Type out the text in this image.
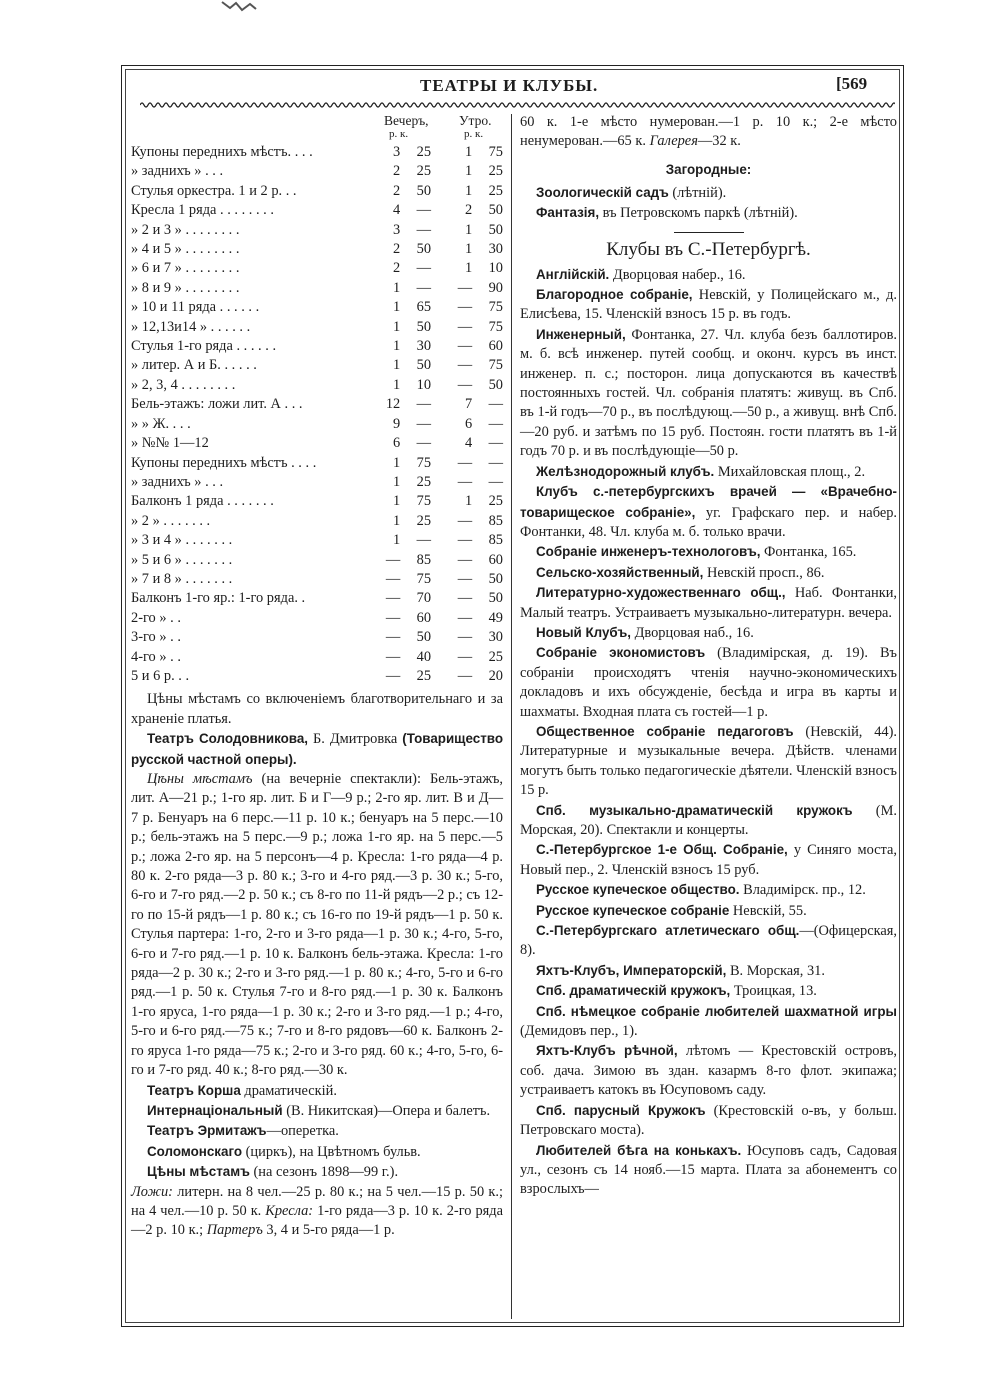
ТЕАТРЫ И КЛУБЫ.	[569
Вечеръ, Утро.
р. к.	р. к.
Купоны переднихъ мѣстъ. . . .	3	25		1	75
» заднихъ » . . .	2	25		1	25
Стулья оркестра. 1 и 2 р. . .	2	50		1	25
Кресла 1 ряда . . . . . . . .	4	—		2	50
» 2 и 3 » . . . . . . . .	3	—		1	50
» 4 и 5 » . . . . . . . .	2	50		1	30
» 6 и 7 » . . . . . . . .	2	—		1	10
» 8 и 9 » . . . . . . . .	1	—		—	90
» 10 и 11 ряда . . . . . .	1	65		—	75
» 12,13и14 » . . . . . .	1	50		—	75
Стулья 1-го ряда . . . . . .	1	30		—	60
» литер. А и Б. . . . . .	1	50		—	75
» 2, 3, 4 . . . . . . . .	1	10		—	50
Бель-этажъ: ложи лит. А . . .	12	—		7	—
» » Ж. . . .	9	—		6	—
» №№ 1—12	6	—		4	—
Купоны переднихъ мѣстъ . . . .	1	75		—	—
» заднихъ » . . .	1	25		—	—
Балконъ 1 ряда . . . . . . .	1	75		1	25
» 2 » . . . . . . .	1	25		—	85
» 3 и 4 » . . . . . . .	1	—		—	85
» 5 и 6 » . . . . . . .	—	85		—	60
» 7 и 8 » . . . . . . .	—	75		—	50
Балконъ 1-го яр.: 1-го ряда. .	—	70		—	50
2-го » . .	—	60		—	49
3-го » . .	—	50		—	30
4-го » . .	—	40		—	25
5 и 6 р. . .	—	25		—	20

Цѣны мѣстамъ со включеніемъ благотворительнаго и за храненіе платья.

Театръ Солодовникова, Б. Дмитровка (Товарищество русской частной оперы).

Цѣны мѣстамъ (на вечерніе спектакли): Бель-этажъ, лит. А—21 р.; 1-го яр. лит. Б и Г—9 р.; 2-го яр. лит. В и Д—7 р. Бенуаръ на 6 перс.—11 р. 10 к.; бенуаръ на 5 перс.—10 р.; бель-этажъ на 5 перс.—9 р.; ложа 1-го яр. на 5 перс.—5 р.; ложа 2-го яр. на 5 персонъ—4 р. Кресла: 1-го ряда—4 р. 80 к. 2-го ряда—3 р. 80 к.; 3-го и 4-го ряд.—3 р. 30 к.; 5-го, 6-го и 7-го ряд.—2 р. 50 к.; съ 8-го по 11-й рядъ—2 р.; съ 12-го по 15-й рядъ—1 р. 80 к.; съ 16-го по 19-й рядъ—1 р. 50 к. Стулья партера: 1-го, 2-го и 3-го ряда—1 р. 30 к.; 4-го, 5-го, 6-го и 7-го ряд.—1 р. 10 к. Балконъ бель-этажа. Кресла: 1-го ряда—2 р. 30 к.; 2-го и 3-го ряд.—1 р. 80 к.; 4-го, 5-го и 6-го ряд.—1 р. 50 к. Стулья 7-го и 8-го ряд.—1 р. 30 к. Балконъ 1-го яруса, 1-го ряда—1 р. 30 к.; 2-го и 3-го ряд.—1 р.; 4-го, 5-го и 6-го ряд.—75 к.; 7-го и 8-го рядовъ—60 к. Балконъ 2-го яруса 1-го ряда—75 к.; 2-го и 3-го ряд. 60 к.; 4-го, 5-го, 6-го и 7-го ряд. 40 к.; 8-го ряд.—30 к.

Театръ Корша драматическій.

Интернаціональный (В. Никитская)—Опера и балетъ.

Театръ Эрмитажъ—оперетка.

Соломонскаго (циркъ), на Цвѣтномъ бульв.

Цѣны мѣстамъ (на сезонъ 1898—99 г.).

Ложи: литерн. на 8 чел.—25 р. 80 к.; на 5 чел.—15 р. 50 к.; на 4 чел.—10 р. 50 к. Кресла: 1-го ряда—3 р. 10 к. 2-го ряда—2 р. 10 к.; Партеръ 3, 4 и 5-го ряда—1 р.

60 к. 1-е мѣсто нумерован.—1 р. 10 к.; 2-е мѣсто ненумерован.—65 к. Галерея—32 к.

Загородные:

Зоологическій садъ (лѣтній).

Фантазія, въ Петровскомъ паркѣ (лѣтній).

Клубы въ С.-Петербургѣ.

Англійскій. Дворцовая набер., 16.

Благородное собраніе, Невскій, у Полицейскаго м., д. Елисѣева, 15. Членскій взносъ 15 р. въ годъ.

Инженерный, Фонтанка, 27. Чл. клуба безъ баллотиров. м. б. всѣ инженер. путей сообщ. и оконч. курсъ въ инст. инженер. п. с.; посторон. лица допускаются въ качествѣ постоянныхъ гостей. Чл. собранія платятъ: живущ. въ Спб. въ 1-й годъ—70 р., въ послѣдующ.—50 р., а живущ. внѣ Спб.—20 руб. и затѣмъ по 15 руб. Постоян. гости платятъ въ 1-й годъ 70 р. и въ послѣдующіе—50 р.

Желѣзнодорожный клубъ. Михайловская площ., 2.

Клубъ с.-петербургскихъ врачей — «Врачебно-товарищеское собраніе», уг. Графскаго пер. и набер. Фонтанки, 48. Чл. клуба м. б. только врачи.

Собраніе инженеръ-технологовъ, Фонтанка, 165.

Сельско-хозяйственный, Невскій просп., 86.

Литературно-художественнаго общ., Наб. Фонтанки, Малый театръ. Устраиваетъ музыкально-литературн. вечера.

Новый Клубъ, Дворцовая наб., 16.

Собраніе экономистовъ (Владимірская, д. 19). Въ собраніи происходятъ чтенія научно-экономическихъ докладовъ и ихъ обсужденіе, бесѣда и игра въ карты и шахматы. Входная плата съ гостей—1 р.

Общественное собраніе педагоговъ (Невскій, 44). Литературные и музыкальные вечера. Дѣйств. членами могутъ быть только педагогическіе дѣятели. Членскій взносъ 15 р.

Спб. музыкально-драматическій кружокъ (М. Морская, 20). Спектакли и концерты.

С.-Петербургское 1-е Общ. Собраніе, у Синяго моста, Новый пер., 2. Членскій взносъ 15 руб.

Русское купеческое общество. Владимірск. пр., 12.

Русское купеческое собраніе Невскій, 55.

С.-Петербургскаго атлетическаго общ.—(Офицерская, 8).

Яхтъ-Клубъ, Императорскій, В. Морская, 31.

Спб. драматическій кружокъ, Троицкая, 13.

Спб. нѣмецкое собраніе любителей шахматной игры (Демидовъ пер., 1).

Яхтъ-Клубъ рѣчной, лѣтомъ — Крестовскій островъ, соб. дача. Зимою въ здан. казармъ 8-го флот. экипажа; устраиваетъ катокъ въ Юсуповомъ саду.

Спб. парусный Кружокъ (Крестовскій о-въ, у больш. Петровскаго моста).

Любителей бѣга на конькахъ. Юсуповъ садъ, Садовая ул., сезонъ съ 14 нояб.—15 марта. Плата за абонементъ со взрослыхъ—
